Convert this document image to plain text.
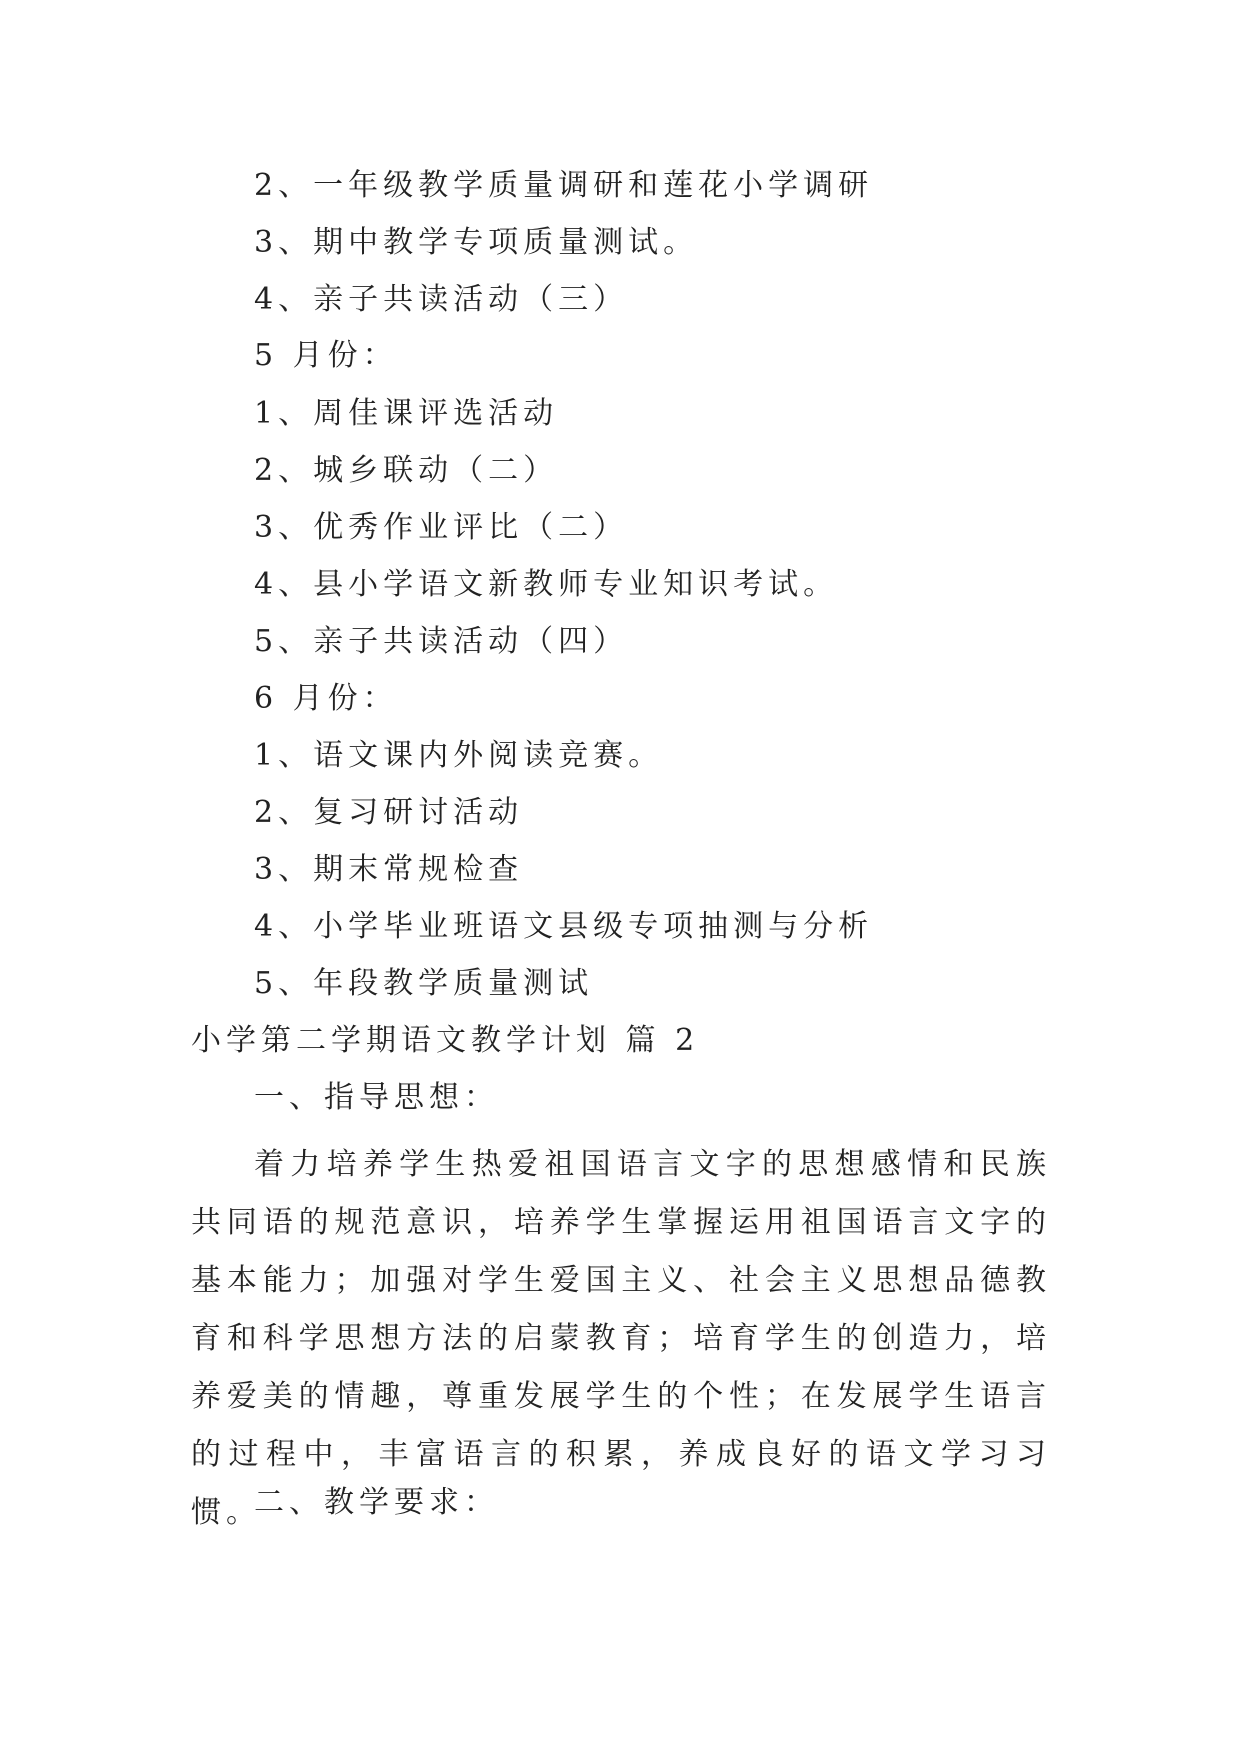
2、一年级教学质量调研和莲花小学调研
3、期中教学专项质量测试。
4、亲子共读活动（三）
5 月份：
1、周佳课评选活动
2、城乡联动（二）
3、优秀作业评比（二）
4、县小学语文新教师专业知识考试。
5、亲子共读活动（四）
6 月份：
1、语文课内外阅读竞赛。
2、复习研讨活动
3、期末常规检查
4、小学毕业班语文县级专项抽测与分析
5、年段教学质量测试
小学第二学期语文教学计划 篇 2
一、指导思想：
着力培养学生热爱祖国语言文字的思想感情和民族共同语的规范意识，培养学生掌握运用祖国语言文字的基本能力；加强对学生爱国主义、社会主义思想品德教育和科学思想方法的启蒙教育；培育学生的创造力，培养爱美的情趣，尊重发展学生的个性；在发展学生语言的过程中，丰富语言的积累，养成良好的语文学习习惯。
二、教学要求：
